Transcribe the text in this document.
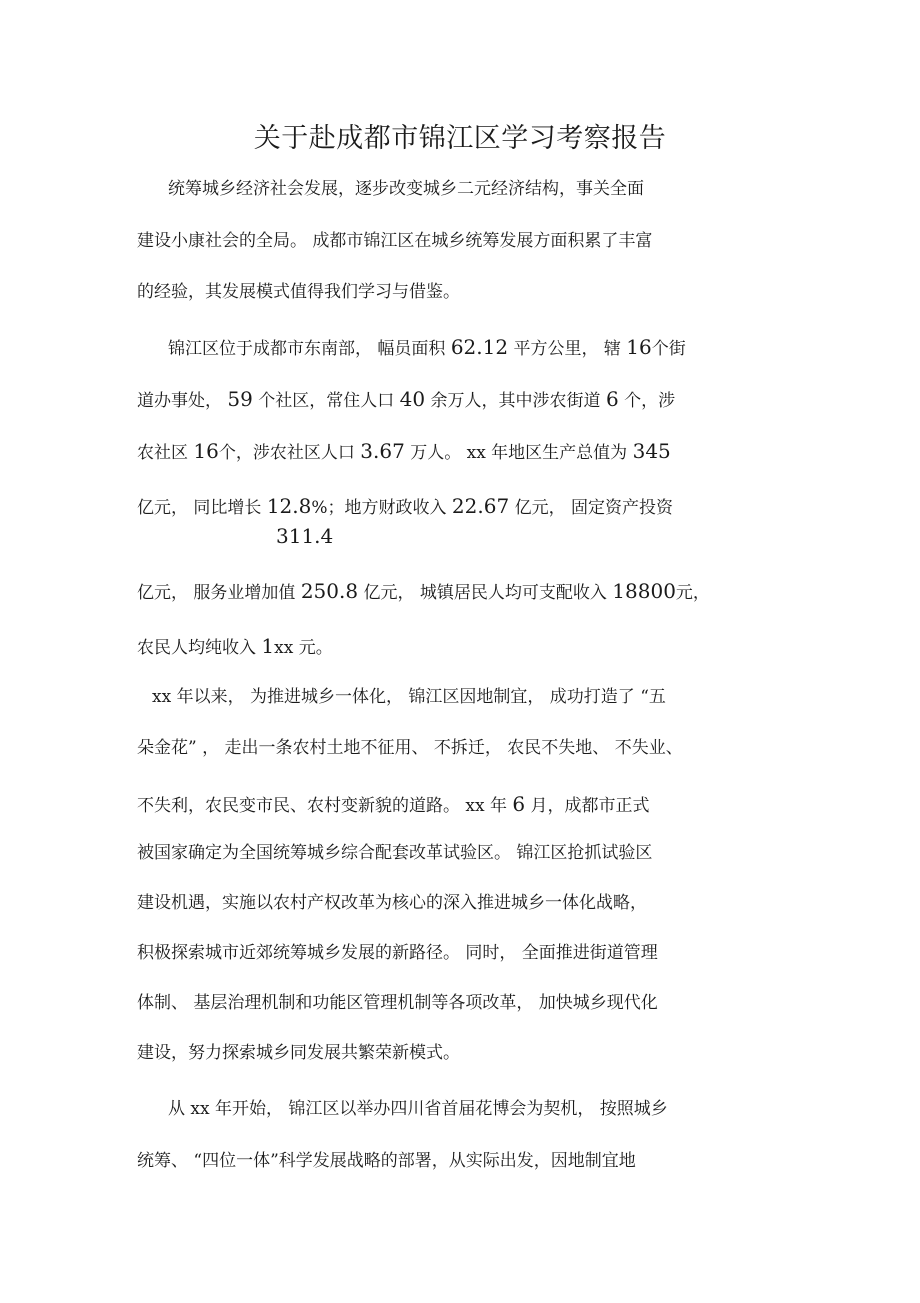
关于赴成都市锦江区学习考察报告
统筹城乡经济社会发展，逐步改变城乡二元经济结构，事关全面
建设小康社会的全局。 成都市锦江区在城乡统筹发展方面积累了丰富
的经验，其发展模式值得我们学习与借鉴。
锦江区位于成都市东南部， 幅员面积 62.12 平方公里， 辖 16个街
道办事处， 59 个社区，常住人口 40 余万人，其中涉农街道 6 个，涉
农社区 16个，涉农社区人口 3.67 万人。 xx 年地区生产总值为 345
亿元， 同比增长 12.8%；地方财政收入 22.67 亿元， 固定资产投资
311.4
亿元， 服务业增加值 250.8 亿元， 城镇居民人均可支配收入 18800元，
农民人均纯收入 1xx 元。
xx 年以来， 为推进城乡一体化， 锦江区因地制宜， 成功打造了 “五
朵金花” ， 走出一条农村土地不征用、 不拆迁， 农民不失地、 不失业、
不失利，农民变市民、农村变新貌的道路。 xx 年 6 月，成都市正式
被国家确定为全国统筹城乡综合配套改革试验区。 锦江区抢抓试验区
建设机遇，实施以农村产权改革为核心的深入推进城乡一体化战略，
积极探索城市近郊统筹城乡发展的新路径。 同时， 全面推进街道管理
体制、 基层治理机制和功能区管理机制等各项改革， 加快城乡现代化
建设，努力探索城乡同发展共繁荣新模式。
从 xx 年开始， 锦江区以举办四川省首届花博会为契机， 按照城乡
统筹、 “四位一体”科学发展战略的部署，从实际出发，因地制宜地
